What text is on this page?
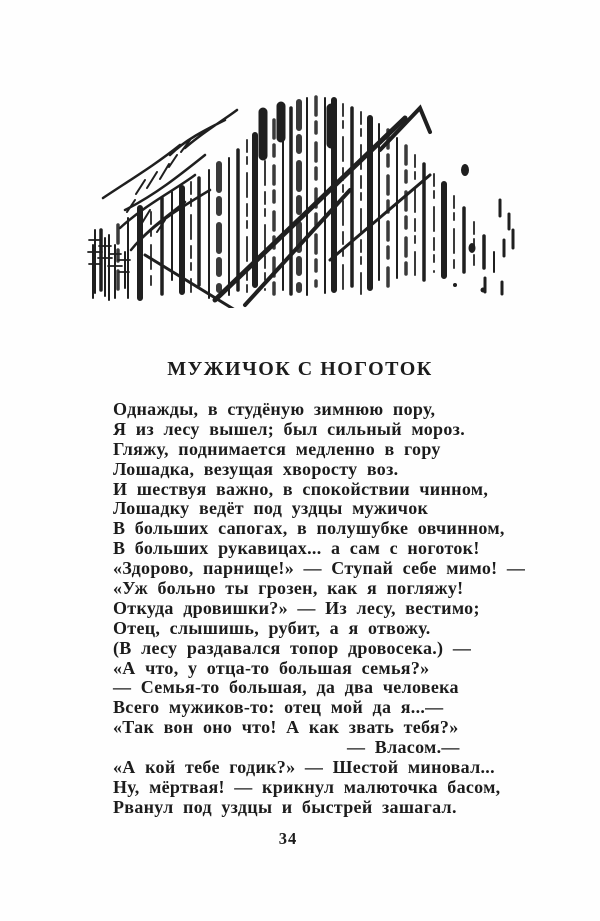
МУЖИЧОК С НОГОТОК
Однажды, в студёную зимнюю пору,
Я из лесу вышел; был сильный мороз.
Гляжу, поднимается медленно в гору
Лошадка, везущая хворосту воз.
И шествуя важно, в спокойствии чинном,
Лошадку ведёт под уздцы мужичок
В больших сапогах, в полушубке овчинном,
В больших рукавицах... а сам с ноготок!
«Здорово, парнище!» — Ступай себе мимо! —
«Уж больно ты грозен, как я погляжу!
Откуда дровишки?» — Из лесу, вестимо;
Отец, слышишь, рубит, а я отвожу.
(В лесу раздавался топор дровосека.) —
«А что, у отца-то большая семья?»
— Семья-то большая, да два человека
Всего мужиков-то: отец мой да я...—
«Так вон оно что! А как звать тебя?»
— Власом.—
«А кой тебе годик?» — Шестой миновал...
Ну, мёртвая! — крикнул малюточка басом,
Рванул под уздцы и быстрей зашагал.
34
